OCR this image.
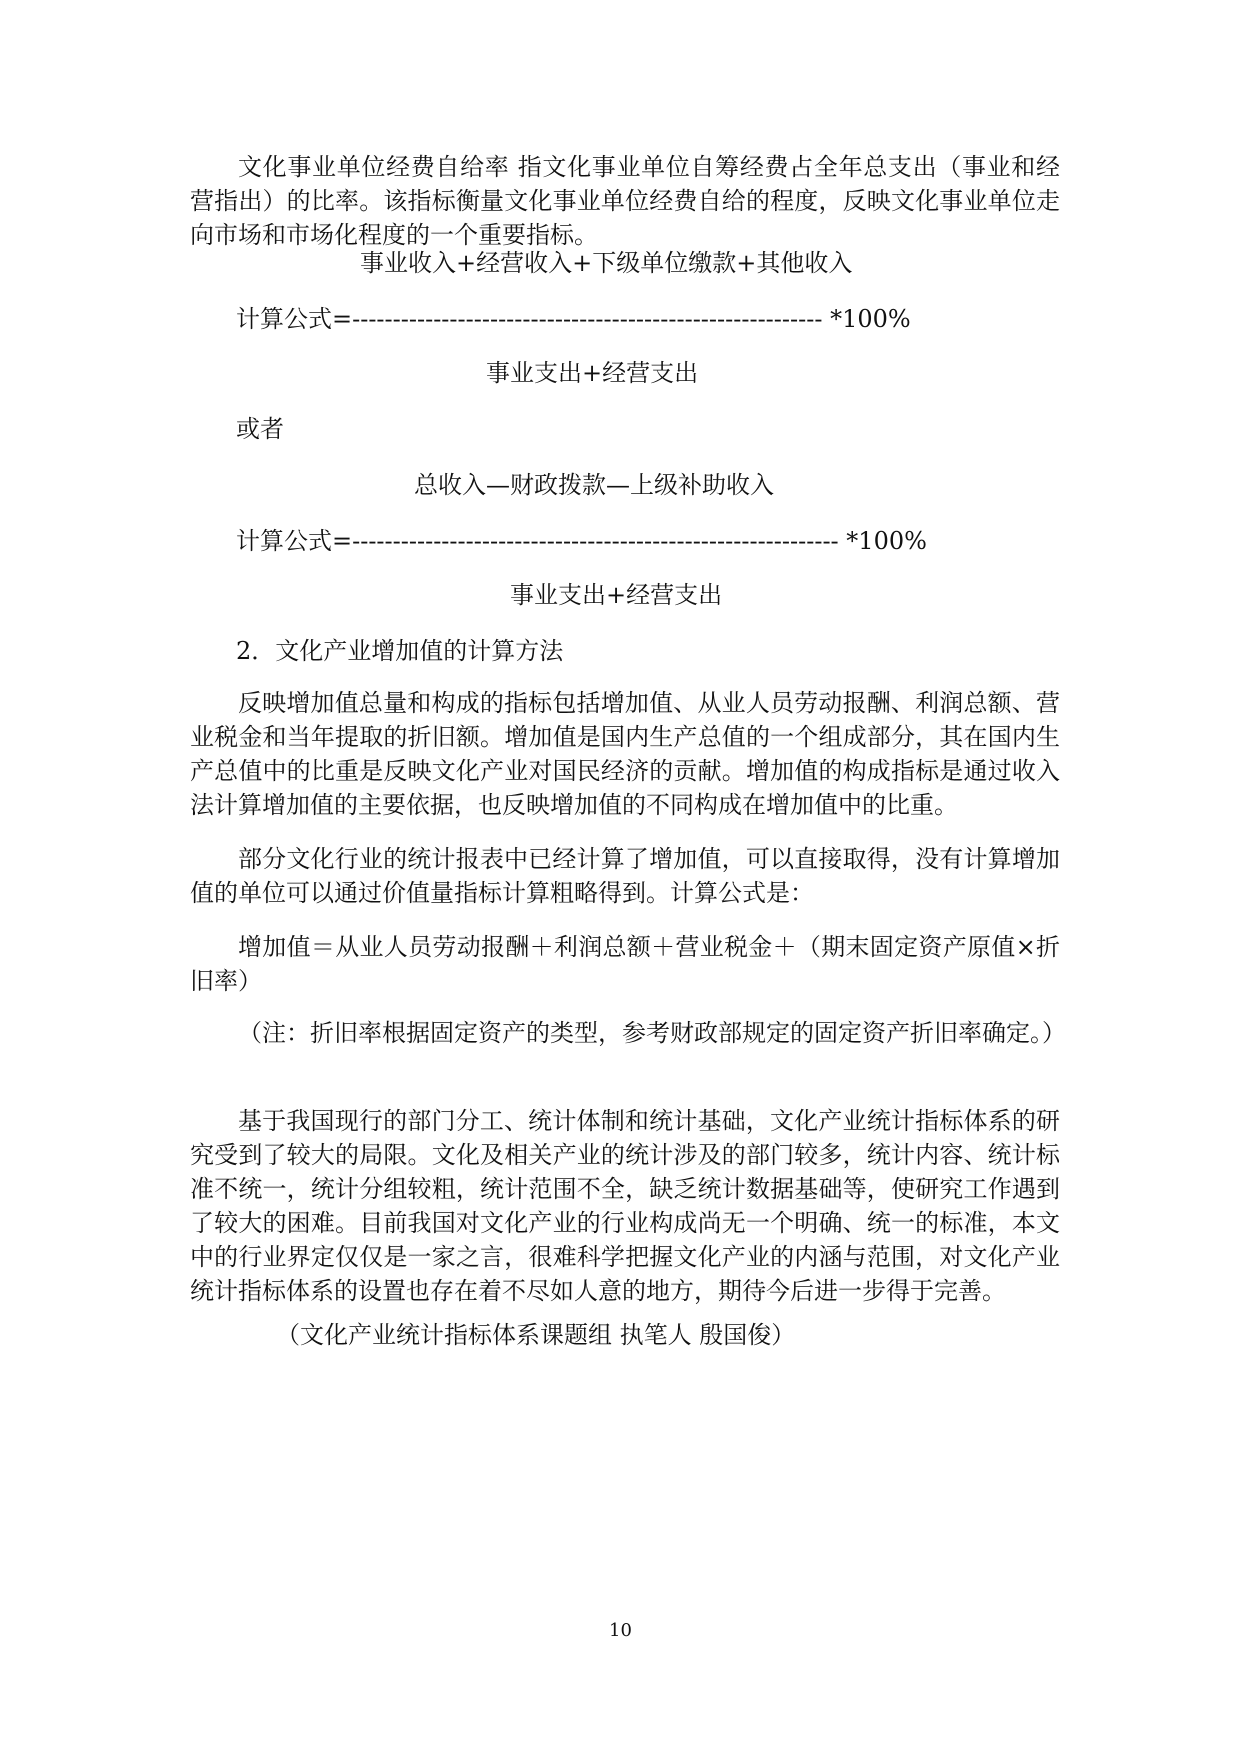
文化事业单位经费自给率 指文化事业单位自筹经费占全年总支出（事业和经营指出）的比率。该指标衡量文化事业单位经费自给的程度，反映文化事业单位走向市场和市场化程度的一个重要指标。
事业收入+经营收入+下级单位缴款+其他收入
计算公式=---------------------------------------------------------- *100%
事业支出+经营支出
或者
总收入—财政拨款—上级补助收入
计算公式=------------------------------------------------------------ *100%
事业支出+经营支出
2．文化产业增加值的计算方法
反映增加值总量和构成的指标包括增加值、从业人员劳动报酬、利润总额、营业税金和当年提取的折旧额。增加值是国内生产总值的一个组成部分，其在国内生产总值中的比重是反映文化产业对国民经济的贡献。增加值的构成指标是通过收入法计算增加值的主要依据，也反映增加值的不同构成在增加值中的比重。
部分文化行业的统计报表中已经计算了增加值，可以直接取得，没有计算增加值的单位可以通过价值量指标计算粗略得到。计算公式是：
增加值＝从业人员劳动报酬＋利润总额＋营业税金＋（期末固定资产原值×折旧率）
（注：折旧率根据固定资产的类型，参考财政部规定的固定资产折旧率确定。）
基于我国现行的部门分工、统计体制和统计基础，文化产业统计指标体系的研究受到了较大的局限。文化及相关产业的统计涉及的部门较多，统计内容、统计标准不统一，统计分组较粗，统计范围不全，缺乏统计数据基础等，使研究工作遇到了较大的困难。目前我国对文化产业的行业构成尚无一个明确、统一的标准，本文中的行业界定仅仅是一家之言，很难科学把握文化产业的内涵与范围，对文化产业统计指标体系的设置也存在着不尽如人意的地方，期待今后进一步得于完善。
（文化产业统计指标体系课题组 执笔人 殷国俊）
10
